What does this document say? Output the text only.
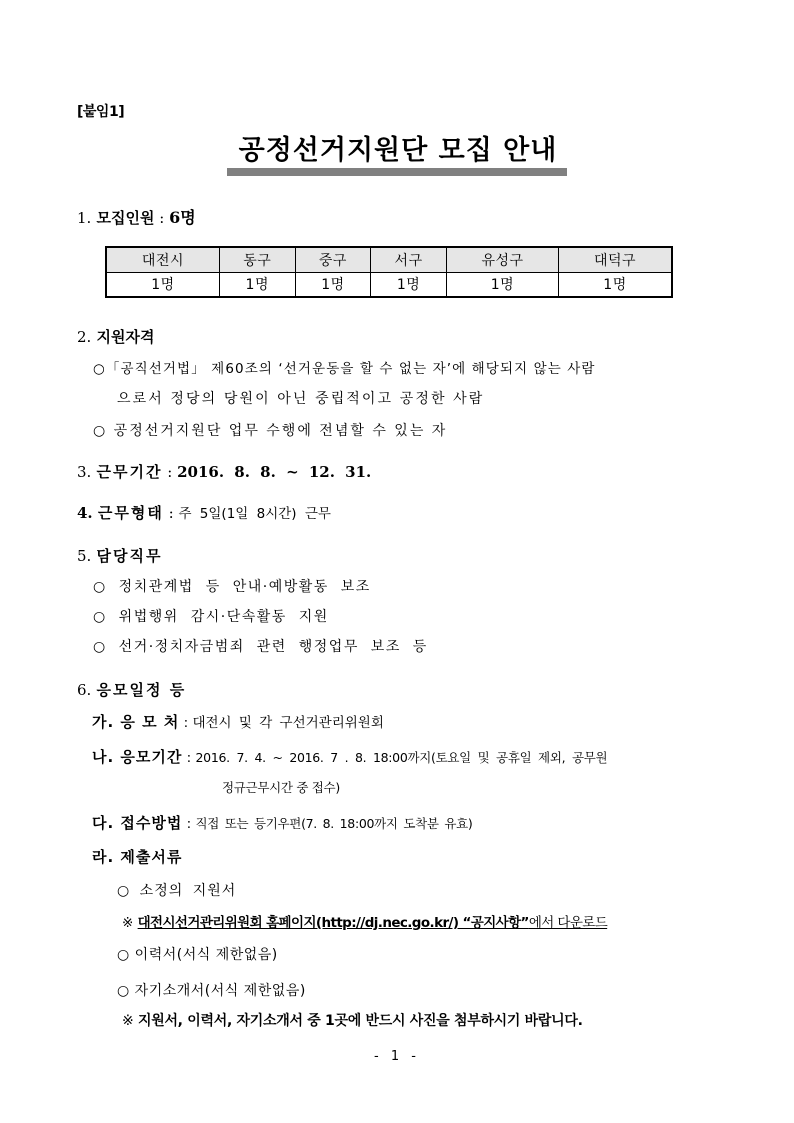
[붙임1]
공정선거지원단 모집 안내
1. 모집인원 : 6명
대전시	동구	중구	서구	유성구	대덕구
1명	1명	1명	1명	1명	1명
2. 지원자격
○「공직선거법」 제60조의 ‘선거운동을 할 수 없는 자’에 해당되지 않는 사람
으로서 정당의 당원이 아닌 중립적이고 공정한 사람
○ 공정선거지원단 업무 수행에 전념할 수 있는 자
3. 근무기간 : 2016. 8. 8. ~ 12. 31.
4. 근무형태 : 주 5일(1일 8시간) 근무
5. 담당직무
○ 정치관계법 등 안내·예방활동 보조
○ 위법행위 감시·단속활동 지원
○ 선거·정치자금범죄 관련 행정업무 보조 등
6. 응모일정 등
가. 응 모 처 : 대전시 및 각 구선거관리위원회
나. 응모기간 : 2016. 7. 4. ~ 2016. 7 . 8. 18:00까지(토요일 및 공휴일 제외, 공무원
정규근무시간 중 접수)
다. 접수방법 : 직접 또는 등기우편(7. 8. 18:00까지 도착분 유효)
라. 제출서류
○ 소정의 지원서
※ 대전시선거관리위원회 홈페이지(http://dj.nec.go.kr/) “공지사항”에서 다운로드
○ 이력서(서식 제한없음)
○ 자기소개서(서식 제한없음)
※ 지원서, 이력서, 자기소개서 중 1곳에 반드시 사진을 첨부하시기 바랍니다.
- 1 -
